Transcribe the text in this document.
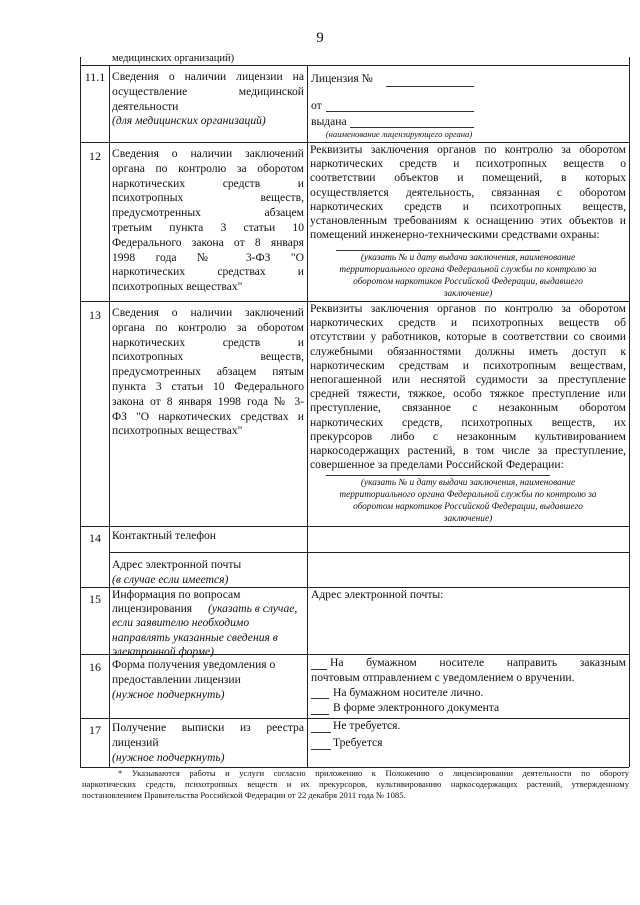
9
медицинских организаций)
11.1 Сведения о наличии лицензии на
осуществление медицинской
деятельности
(для медицинских организаций)
Лицензия №
от
выдана
(наименование лицензирующего органа)
12 Сведения о наличии заключений
органа по контролю за оборотом
наркотических средств и
психотропных веществ,
предусмотренных абзацем
третьим пункта 3 статьи 10
Федерального закона от 8 января
1998 года № 3-ФЗ "О
наркотических средствах и
психотропных веществах"
Реквизиты заключения органов по контролю за оборотом
наркотических средств и психотропных веществ о
соответствии объектов и помещений, в которых
осуществляется деятельность, связанная с оборотом
наркотических средств и психотропных веществ,
установленным требованиям к оснащению этих объектов и
помещений инженерно-техническими средствами охраны:
(указать № и дату выдачи заключения, наименование
территориального органа Федеральной службы по контролю за
оборотом наркотиков Российской Федерации, выдавшего
заключение)
13 Сведения о наличии заключений
органа по контролю за оборотом
наркотических средств и
психотропных веществ,
предусмотренных абзацем пятым
пункта 3 статьи 10 Федерального
закона от 8 января 1998 года № 3-
ФЗ "О наркотических средствах и
психотропных веществах"
Реквизиты заключения органов по контролю за оборотом
наркотических средств и психотропных веществ об
отсутствии у работников, которые в соответствии со своими
служебными обязанностями должны иметь доступ к
наркотическим средствам и психотропным веществам,
непогашенной или неснятой судимости за преступление
средней тяжести, тяжкое, особо тяжкое преступление или
преступление, связанное с незаконным оборотом
наркотических средств, психотропных веществ, их
прекурсоров либо с незаконным культивированием
наркосодержащих растений, в том числе за преступление,
совершенное за пределами Российской Федерации:
(указать № и дату выдачи заключения, наименование
территориального органа Федеральной службы по контролю за
оборотом наркотиков Российской Федерации, выдавшего
заключение)
14 Контактный телефон
Адрес электронной почты
(в случае если имеется)
15 Информация по вопросам лицензирования	(указать в случае,
если заявителю необходимо
направлять указанные сведения в
электронной форме)
Адрес электронной почты:
16 Форма получения уведомления о
предоставлении лицензии
(нужное подчеркнуть)
На бумажном носителе направить заказным
почтовым отправлением с уведомлением о вручении.
На бумажном носителе лично.
В форме электронного документа
17 Получение выписки из реестра
лицензий
(нужное подчеркнуть)
Не требуется.
Требуется
* Указываются работы и услуги согласно приложению к Положению о лицензировании деятельности по обороту
наркотических средств, психотропных веществ и их прекурсоров, культивированию наркосодержащих растений, утвержденному
постановлением Правительства Российской Федерации от 22 декабря 2011 года № 1085.
